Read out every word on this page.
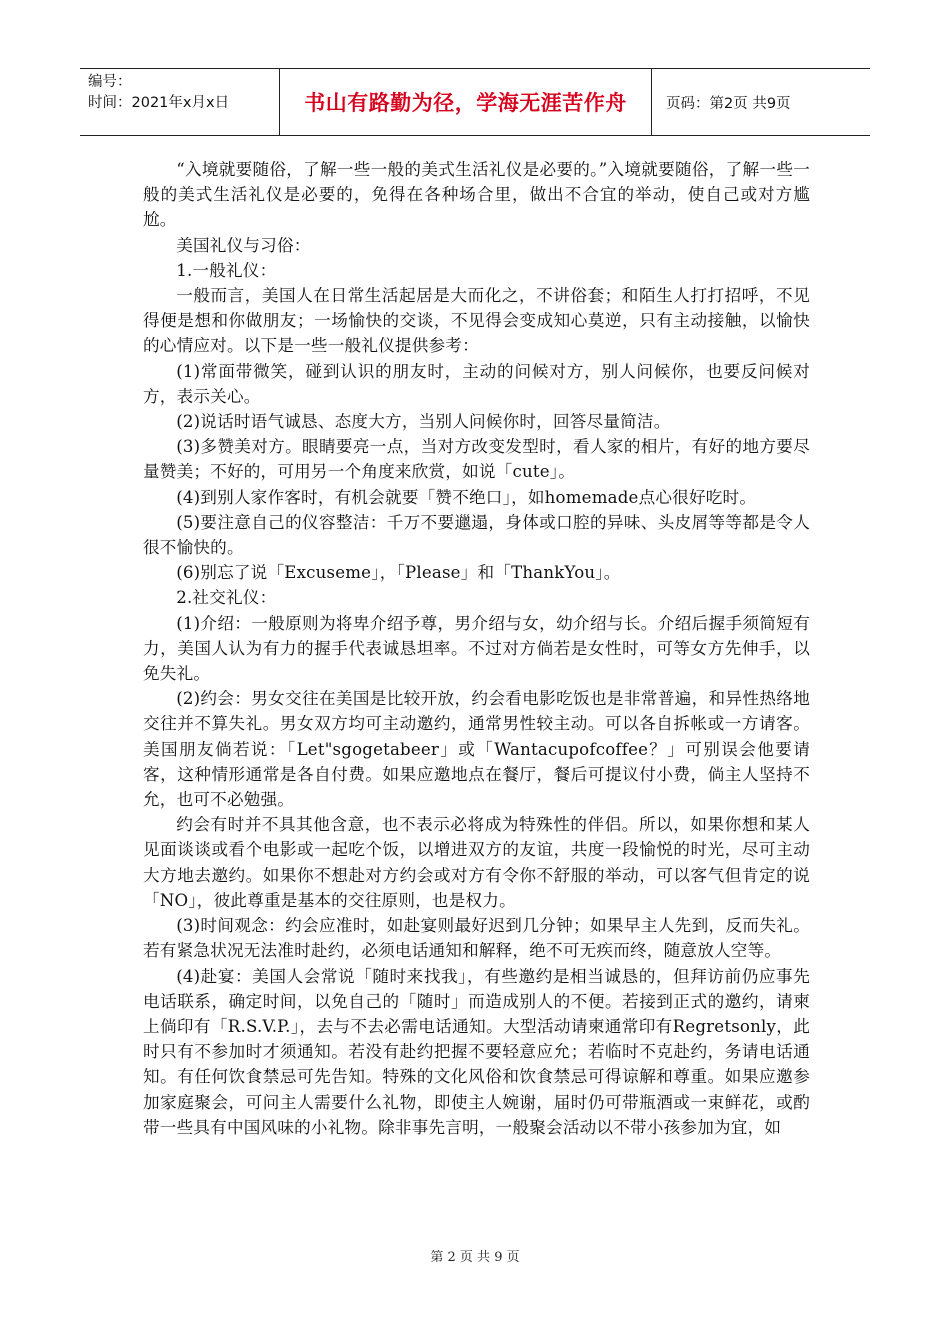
编号：
时间：2021年x月x日	书山有路勤为径，学海无涯苦作舟	页码：第2页 共9页

“入境就要随俗，了解一些一般的美式生活礼仪是必要的。”入境就要随俗，了解一些一般的美式生活礼仪是必要的，免得在各种场合里，做出不合宜的举动，使自己或对方尴尬。

美国礼仪与习俗：

1.一般礼仪：

一般而言，美国人在日常生活起居是大而化之，不讲俗套；和陌生人打打招呼，不见得便是想和你做朋友；一场愉快的交谈，不见得会变成知心莫逆，只有主动接触，以愉快的心情应对。以下是一些一般礼仪提供参考：

(1)常面带微笑，碰到认识的朋友时，主动的问候对方，别人问候你，也要反问候对方，表示关心。

(2)说话时语气诚恳、态度大方，当别人问候你时，回答尽量简洁。

(3)多赞美对方。眼睛要亮一点，当对方改变发型时，看人家的相片，有好的地方要尽量赞美；不好的，可用另一个角度来欣赏，如说「cute」。

(4)到别人家作客时，有机会就要「赞不绝口」，如homemade点心很好吃时。

(5)要注意自己的仪容整洁：千万不要邋遢，身体或口腔的异味、头皮屑等等都是令人很不愉快的。

(6)别忘了说「Excuseme」，「Please」和「ThankYou」。

2.社交礼仪：

(1)介绍：一般原则为将卑介绍予尊，男介绍与女，幼介绍与长。介绍后握手须简短有力，美国人认为有力的握手代表诚恳坦率。不过对方倘若是女性时，可等女方先伸手，以免失礼。

(2)约会：男女交往在美国是比较开放，约会看电影吃饭也是非常普遍，和异性热络地交往并不算失礼。男女双方均可主动邀约，通常男性较主动。可以各自拆帐或一方请客。美国朋友倘若说：「Let"sgogetabeer」或「Wantacupofcoffee？」可别误会他要请客，这种情形通常是各自付费。如果应邀地点在餐厅，餐后可提议付小费，倘主人坚持不允，也可不必勉强。

约会有时并不具其他含意，也不表示必将成为特殊性的伴侣。所以，如果你想和某人见面谈谈或看个电影或一起吃个饭，以增进双方的友谊，共度一段愉悦的时光，尽可主动大方地去邀约。如果你不想赴对方约会或对方有令你不舒服的举动，可以客气但肯定的说「NO」，彼此尊重是基本的交往原则，也是权力。

(3)时间观念：约会应准时，如赴宴则最好迟到几分钟；如果早主人先到，反而失礼。若有紧急状况无法准时赴约，必须电话通知和解释，绝不可无疾而终，随意放人空等。

(4)赴宴：美国人会常说「随时来找我」，有些邀约是相当诚恳的，但拜访前仍应事先电话联系，确定时间，以免自己的「随时」而造成别人的不便。若接到正式的邀约，请柬上倘印有「R.S.V.P.」，去与不去必需电话通知。大型活动请柬通常印有Regretsonly，此时只有不参加时才须通知。若没有赴约把握不要轻意应允；若临时不克赴约，务请电话通知。有任何饮食禁忌可先告知。特殊的文化风俗和饮食禁忌可得谅解和尊重。如果应邀参加家庭聚会，可问主人需要什么礼物，即使主人婉谢，届时仍可带瓶酒或一束鲜花，或酌带一些具有中国风味的小礼物。除非事先言明，一般聚会活动以不带小孩参加为宜，如

第 2 页 共 9 页
